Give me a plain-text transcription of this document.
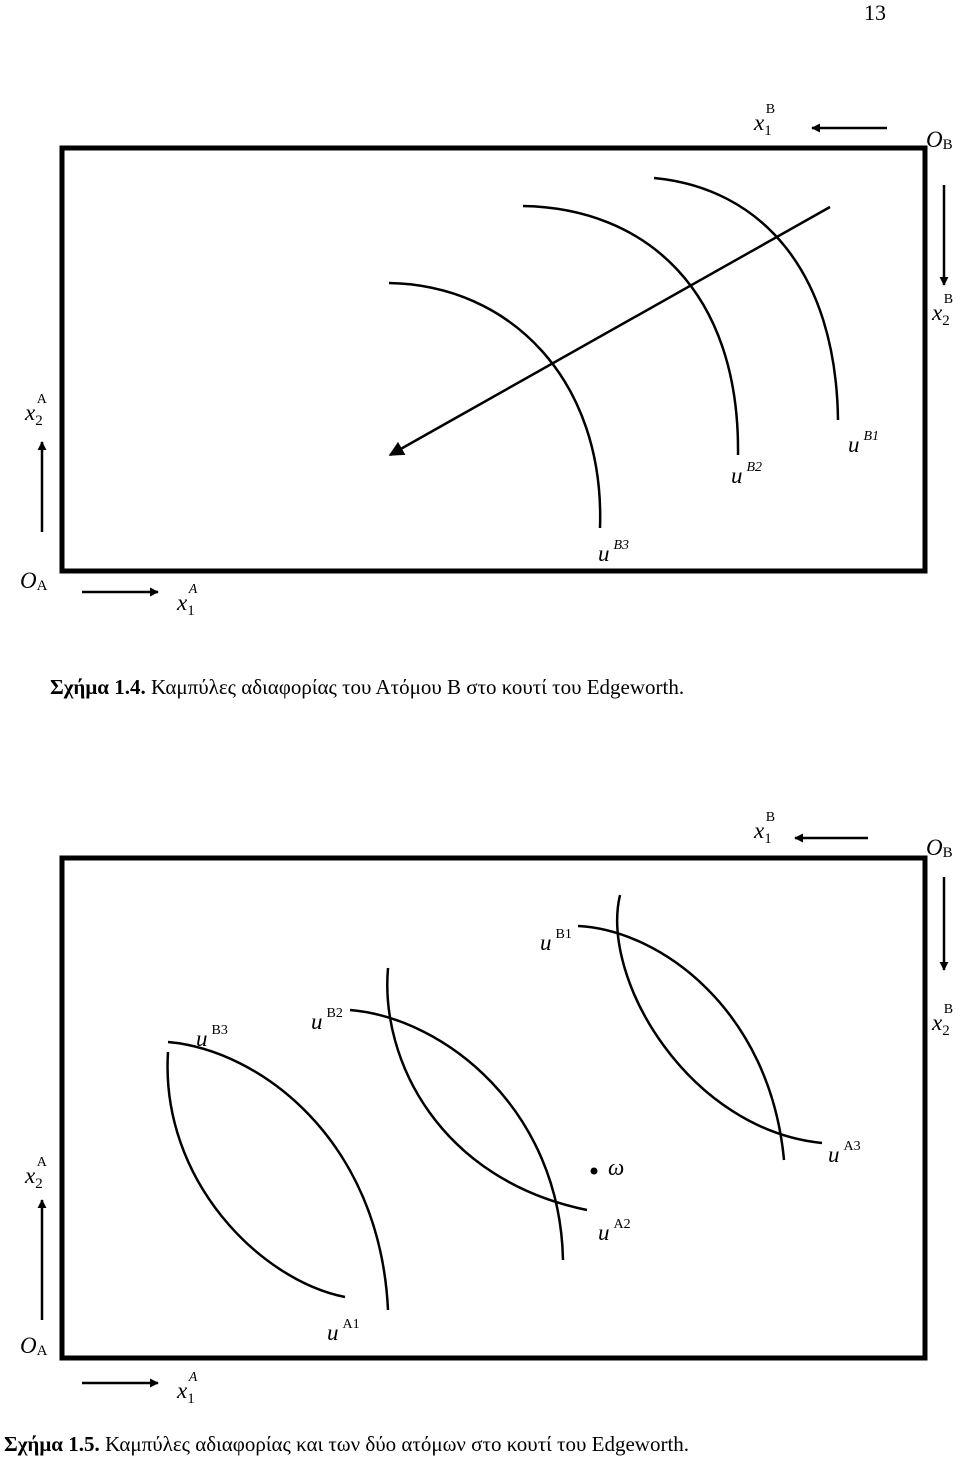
13
OB
x1B
x2B
x2A
OA
x1A
u B1
u B2
u B3
Σχήμα 1.4. Καμπύλες αδιαφορίας του Ατόμου Β στο κουτί του Edgeworth.
ω
OB
x1B
x2B
x2A
OA
x1A
u B1
u B2
u B3
u A1
u A2
u A3
Σχήμα 1.5. Καμπύλες αδιαφορίας και των δύο ατόμων στο κουτί του Edgeworth.
